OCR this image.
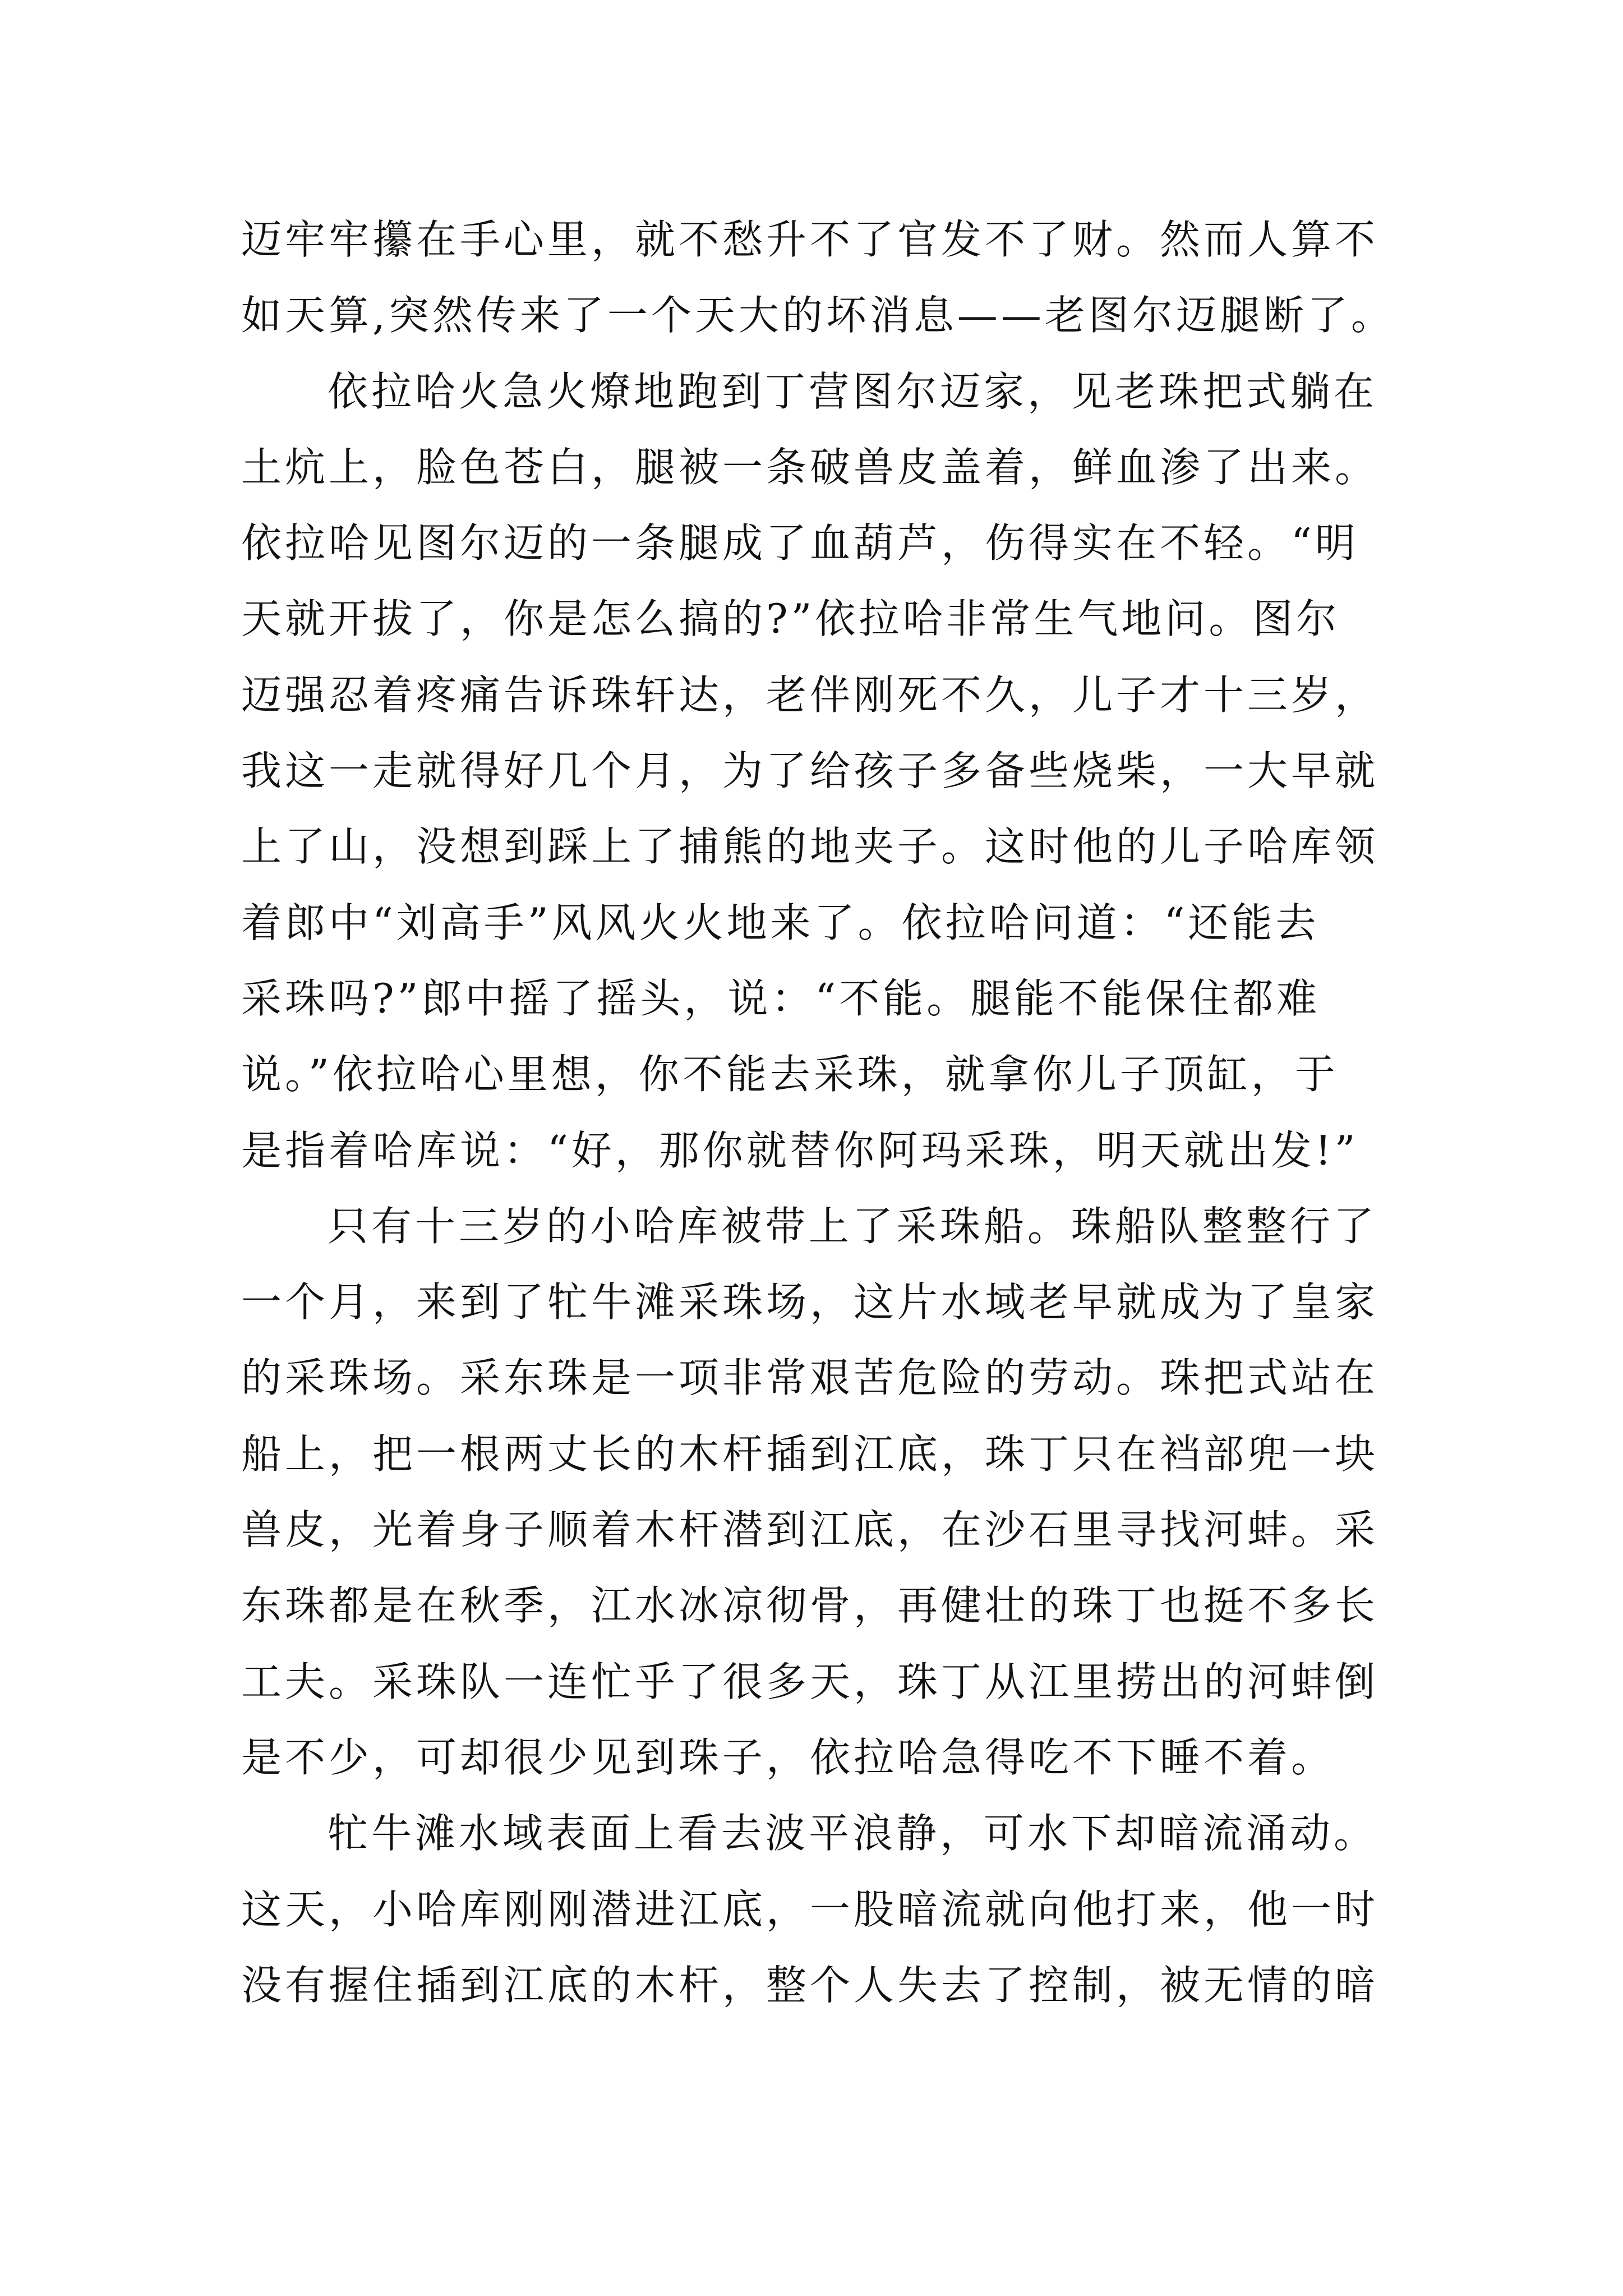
迈牢牢攥在手心里，就不愁升不了官发不了财。然而人算不
如天算,突然传来了一个天大的坏消息——老图尔迈腿断了。
依拉哈火急火燎地跑到丁营图尔迈家，见老珠把式躺在
土炕上，脸色苍白，腿被一条破兽皮盖着，鲜血渗了出来。
依拉哈见图尔迈的一条腿成了血葫芦，伤得实在不轻。“明
天就开拔了，你是怎么搞的?”依拉哈非常生气地问。图尔
迈强忍着疼痛告诉珠轩达，老伴刚死不久，儿子才十三岁，
我这一走就得好几个月，为了给孩子多备些烧柴，一大早就
上了山，没想到踩上了捕熊的地夹子。这时他的儿子哈库领
着郎中“刘高手”风风火火地来了。依拉哈问道：“还能去
采珠吗?”郎中摇了摇头，说：“不能。腿能不能保住都难
说。”依拉哈心里想，你不能去采珠，就拿你儿子顶缸，于
是指着哈库说：“好，那你就替你阿玛采珠，明天就出发!”
只有十三岁的小哈库被带上了采珠船。珠船队整整行了
一个月，来到了牤牛滩采珠场，这片水域老早就成为了皇家
的采珠场。采东珠是一项非常艰苦危险的劳动。珠把式站在
船上，把一根两丈长的木杆插到江底，珠丁只在裆部兜一块
兽皮，光着身子顺着木杆潜到江底，在沙石里寻找河蚌。采
东珠都是在秋季，江水冰凉彻骨，再健壮的珠丁也挺不多长
工夫。采珠队一连忙乎了很多天，珠丁从江里捞出的河蚌倒
是不少，可却很少见到珠子，依拉哈急得吃不下睡不着。
牤牛滩水域表面上看去波平浪静，可水下却暗流涌动。
这天，小哈库刚刚潜进江底，一股暗流就向他打来，他一时
没有握住插到江底的木杆，整个人失去了控制，被无情的暗
